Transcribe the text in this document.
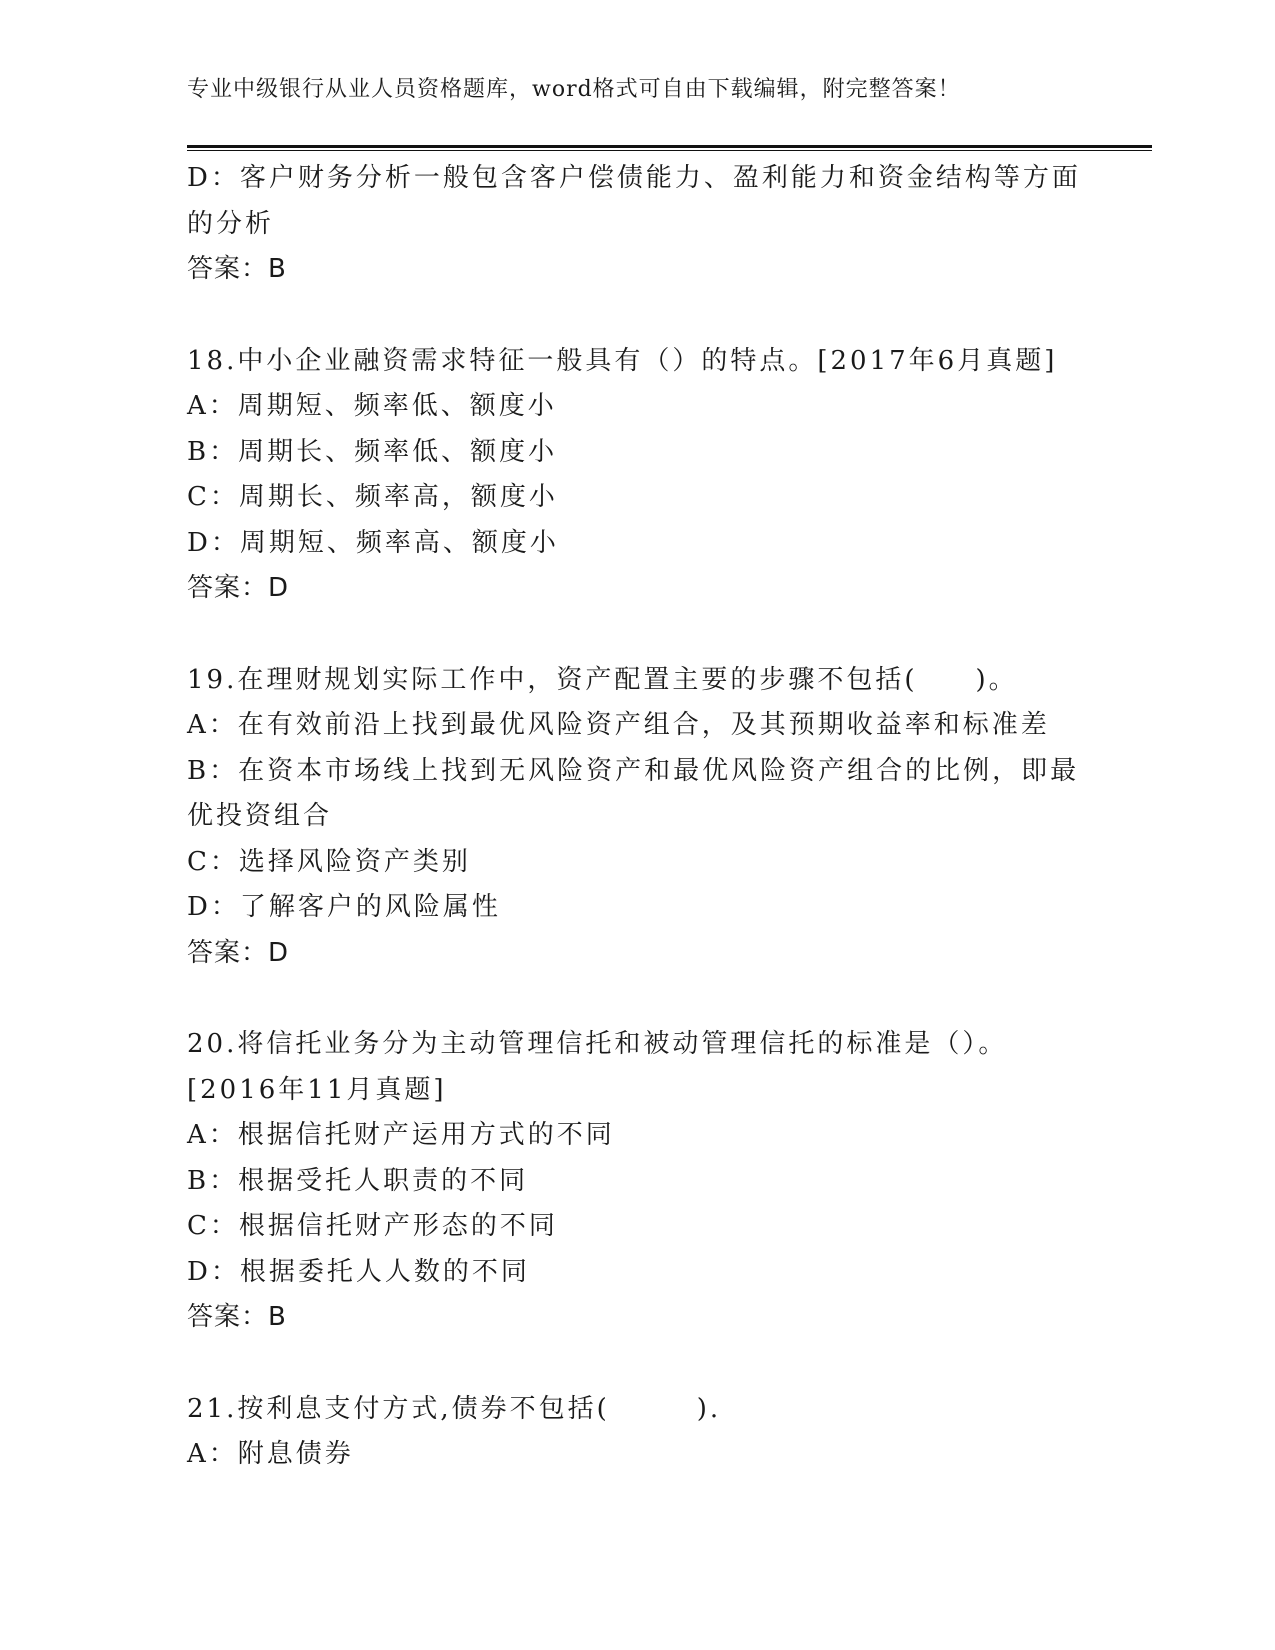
专业中级银行从业人员资格题库，word格式可自由下载编辑，附完整答案！
D：客户财务分析一般包含客户偿债能力、盈利能力和资金结构等方面
的分析
答案：B
18.中小企业融资需求特征一般具有（）的特点。[2017年6月真题]
A：周期短、频率低、额度小
B：周期长、频率低、额度小
C：周期长、频率高，额度小
D：周期短、频率高、额度小
答案：D
19.在理财规划实际工作中，资产配置主要的步骤不包括(　　)。
A：在有效前沿上找到最优风险资产组合，及其预期收益率和标准差
B：在资本市场线上找到无风险资产和最优风险资产组合的比例，即最
优投资组合
C：选择风险资产类别
D：了解客户的风险属性
答案：D
20.将信托业务分为主动管理信托和被动管理信托的标准是（）。
[2016年11月真题]
A：根据信托财产运用方式的不同
B：根据受托人职责的不同
C：根据信托财产形态的不同
D：根据委托人人数的不同
答案：B
21.按利息支付方式,债券不包括(　　　).
A：附息债券
